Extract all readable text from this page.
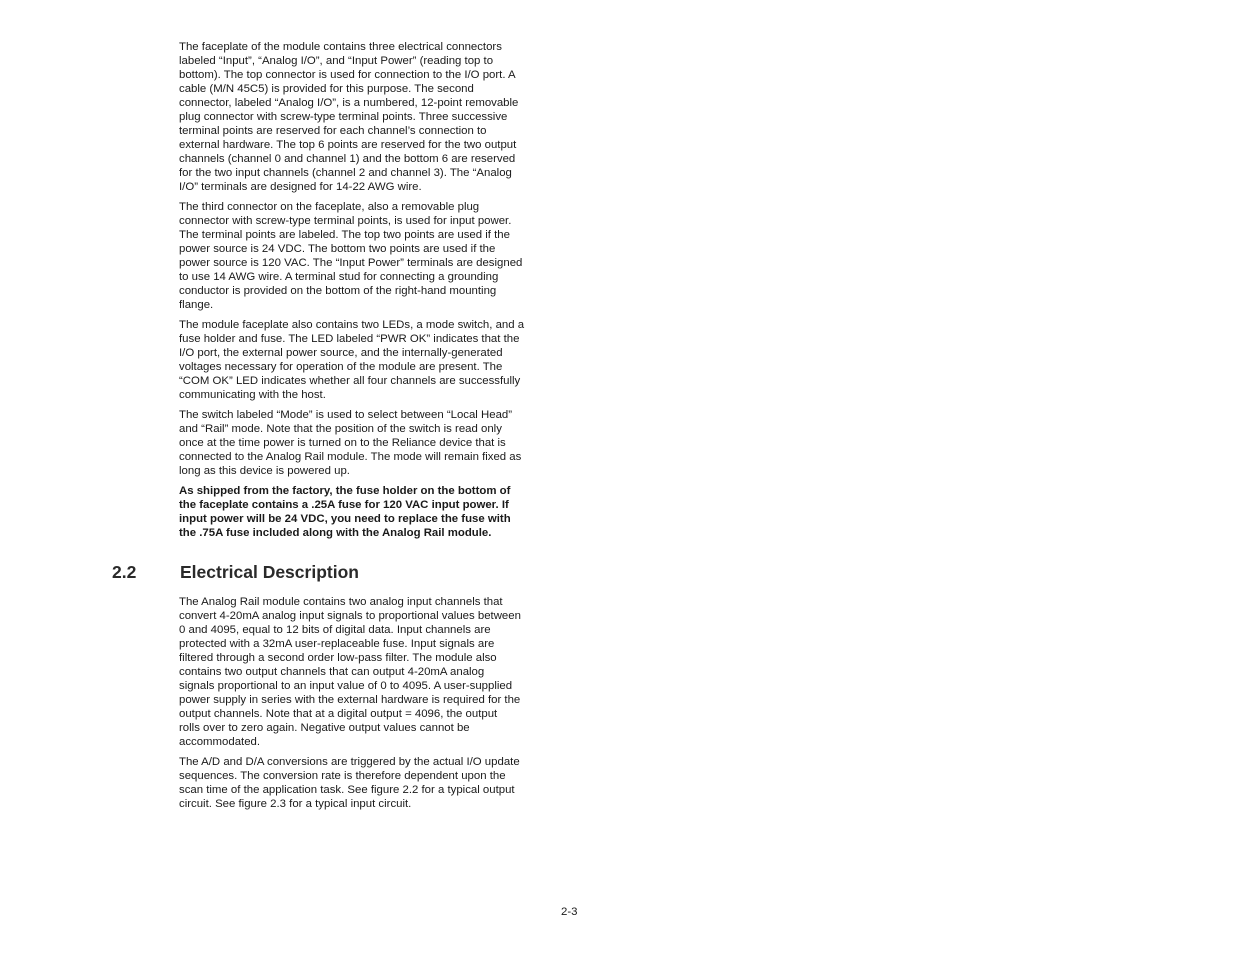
The faceplate of the module contains three electrical connectors
labeled “Input”, “Analog I/O”, and “Input Power” (reading top to
bottom). The top connector is used for connection to the I/O port. A
cable (M/N 45C5) is provided for this purpose. The second
connector, labeled “Analog I/O”, is a numbered, 12-point removable
plug connector with screw-type terminal points. Three successive
terminal points are reserved for each channel’s connection to
external hardware. The top 6 points are reserved for the two output
channels (channel 0 and channel 1) and the bottom 6 are reserved
for the two input channels (channel 2 and channel 3). The “Analog
I/O” terminals are designed for 14-22 AWG wire.

The third connector on the faceplate, also a removable plug
connector with screw-type terminal points, is used for input power.
The terminal points are labeled. The top two points are used if the
power source is 24 VDC. The bottom two points are used if the
power source is 120 VAC. The “Input Power” terminals are designed
to use 14 AWG wire. A terminal stud for connecting a grounding
conductor is provided on the bottom of the right-hand mounting
flange.

The module faceplate also contains two LEDs, a mode switch, and a
fuse holder and fuse. The LED labeled “PWR OK” indicates that the
I/O port, the external power source, and the internally-generated
voltages necessary for operation of the module are present. The
“COM OK” LED indicates whether all four channels are successfully
communicating with the host.

The switch labeled “Mode” is used to select between “Local Head”
and “Rail” mode. Note that the position of the switch is read only
once at the time power is turned on to the Reliance device that is
connected to the Analog Rail module. The mode will remain fixed as
long as this device is powered up.

As shipped from the factory, the fuse holder on the bottom of
the faceplate contains a .25A fuse for 120 VAC input power. If
input power will be 24 VDC, you need to replace the fuse with
the .75A fuse included along with the Analog Rail module.

2.2 Electrical Description

The Analog Rail module contains two analog input channels that
convert 4-20mA analog input signals to proportional values between
0 and 4095, equal to 12 bits of digital data. Input channels are
protected with a 32mA user-replaceable fuse. Input signals are
filtered through a second order low-pass filter. The module also
contains two output channels that can output 4-20mA analog
signals proportional to an input value of 0 to 4095. A user-supplied
power supply in series with the external hardware is required for the
output channels. Note that at a digital output = 4096, the output
rolls over to zero again. Negative output values cannot be
accommodated.

The A/D and D/A conversions are triggered by the actual I/O update
sequences. The conversion rate is therefore dependent upon the
scan time of the application task. See figure 2.2 for a typical output
circuit. See figure 2.3 for a typical input circuit.

2-3
